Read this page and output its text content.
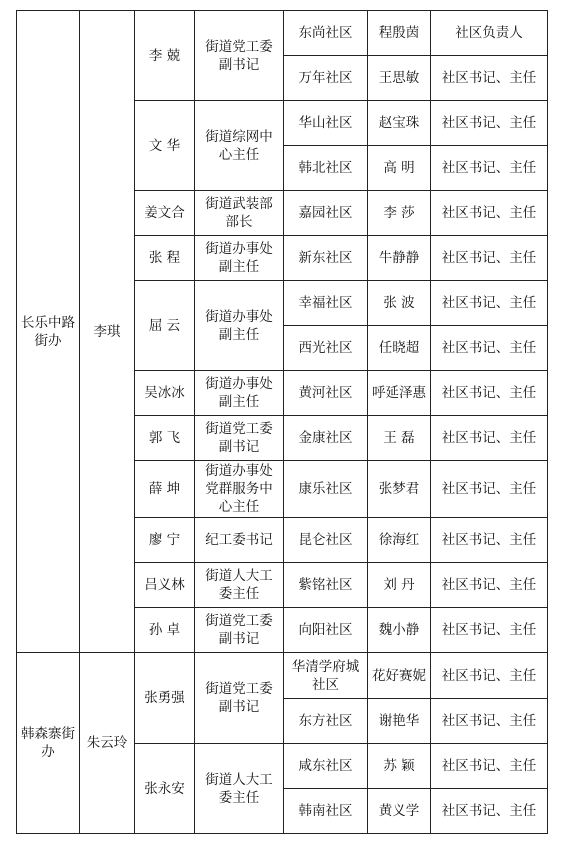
长乐中路街办	李琪	李 兢	街道党工委副书记	东尚社区	程殷茵	社区负责人
				万年社区	王思敏	社区书记、主任
		文 华	街道综网中心主任	华山社区	赵宝珠	社区书记、主任
				韩北社区	高 明	社区书记、主任
		姜文合	街道武装部部长	嘉园社区	李 莎	社区书记、主任
		张 程	街道办事处副主任	新东社区	牛静静	社区书记、主任
		屈 云	街道办事处副主任	幸福社区	张 波	社区书记、主任
				西光社区	任晓超	社区书记、主任
		吴冰冰	街道办事处副主任	黄河社区	呼延泽惠	社区书记、主任
		郭 飞	街道党工委副书记	金康社区	王 磊	社区书记、主任
		薛 坤	街道办事处党群服务中心主任	康乐社区	张梦君	社区书记、主任
		廖 宁	纪工委书记	昆仑社区	徐海红	社区书记、主任
		吕义林	街道人大工委主任	紫铭社区	刘 丹	社区书记、主任
		孙 卓	街道党工委副书记	向阳社区	魏小静	社区书记、主任
韩森寨街办	朱云玲	张勇强	街道党工委副书记	华清学府城社区	花好赛妮	社区书记、主任
				东方社区	谢艳华	社区书记、主任
		张永安	街道人大工委主任	咸东社区	苏 颖	社区书记、主任
				韩南社区	黄义学	社区书记、主任
